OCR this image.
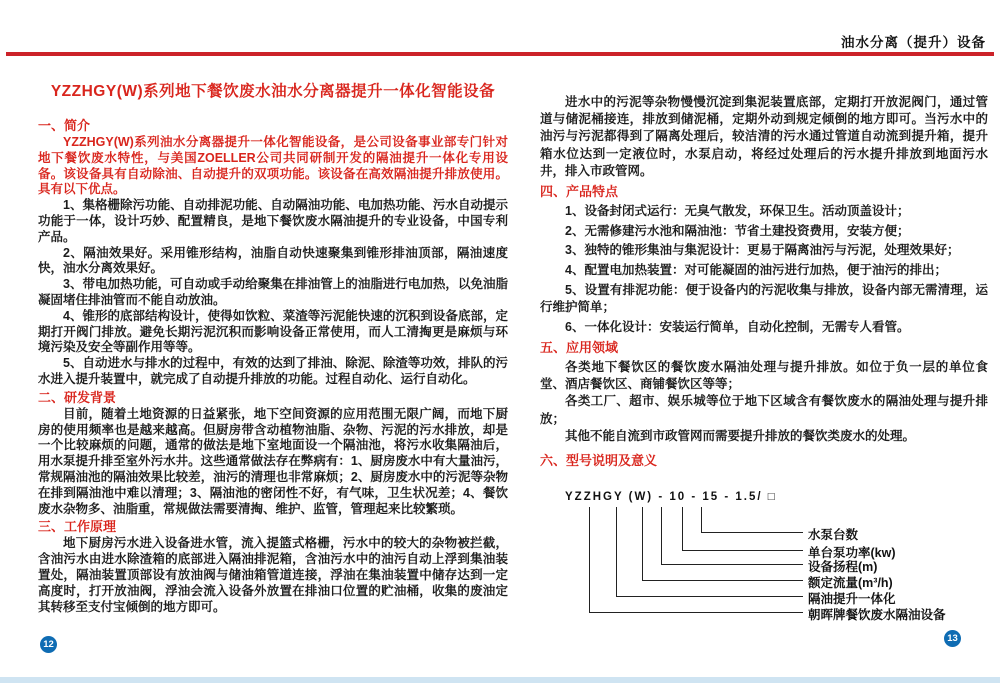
油水分离（提升）设备
YZZHGY(W)系列地下餐饮废水油水分离器提升一体化智能设备
一、简介

YZZHGY(W)系列油水分离器提升一体化智能设备，是公司设备事业部专门针对地下餐饮废水特性，与美国ZOELLER公司共同研制开发的隔油提升一体化专用设备。该设备具有自动除油、自动提升的双项功能。该设备在高效隔油提升排放使用。具有以下优点。

1、集格栅除污功能、自动排泥功能、自动隔油功能、电加热功能、污水自动提示功能于一体，设计巧妙、配置精良，是地下餐饮废水隔油提升的专业设备，中国专利产品。

2、隔油效果好。采用锥形结构，油脂自动快速聚集到锥形排油顶部，隔油速度快，油水分离效果好。

3、带电加热功能，可自动或手动给聚集在排油管上的油脂进行电加热，以免油脂凝固堵住排油管而不能自动放油。

4、锥形的底部结构设计，使得如饮粒、菜渣等污泥能快速的沉积到设备底部，定期打开阀门排放。避免长期污泥沉积而影响设备正常使用，而人工清掏更是麻烦与环境污染及安全等副作用等等。

5、自动进水与排水的过程中，有效的达到了排油、除泥、除渣等功效，排队的污水进入提升装置中，就完成了自动提升排放的功能。过程自动化、运行自动化。

二、研发背景

目前，随着土地资源的日益紧张，地下空间资源的应用范围无限广阔，而地下厨房的使用频率也是越来越高。但厨房带含动植物油脂、杂物、污泥的污水排放，却是一个比较麻烦的问题，通常的做法是地下室地面设一个隔油池，将污水收集隔油后，用水泵提升排至室外污水井。这些通常做法存在弊病有：1、厨房废水中有大量油污，常规隔油池的隔油效果比较差，油污的清理也非常麻烦；2、厨房废水中的污泥等杂物在排到隔油池中难以清理；3、隔油池的密闭性不好，有气味，卫生状况差；4、餐饮废水杂物多、油脂重，常规做法需要清掏、维护、监管，管理起来比较繁琐。

三、工作原理

地下厨房污水进入设备进水管，流入提篮式格栅，污水中的较大的杂物被拦截，含油污水由进水除渣箱的底部进入隔油排泥箱，含油污水中的油污自动上浮到集油装置处，隔油装置顶部设有放油阀与储油箱管道连接，浮油在集油装置中储存达到一定高度时，打开放油阀，浮油会流入设备外放置在排油口位置的贮油桶，收集的废油定其转移至支付宝倾倒的地方即可。

进水中的污泥等杂物慢慢沉淀到集泥装置底部，定期打开放泥阀门，通过管道与储泥桶接连，排放到储泥桶，定期外动到规定倾倒的地方即可。当污水中的油污与污泥都得到了隔离处理后，较洁清的污水通过管道自动流到提升箱，提升箱水位达到一定液位时，水泵启动，将经过处理后的污水提升排放到地面污水井，排入市政管网。

四、产品特点

1、设备封闭式运行：无臭气散发，环保卫生。活动顶盖设计；

2、无需修建污水池和隔油池：节省土建投资费用，安装方便；

3、独特的锥形集油与集泥设计：更易于隔离油污与污泥，处理效果好；

4、配置电加热装置：对可能凝固的油污进行加热，便于油污的排出；

5、设置有排泥功能：便于设备内的污泥收集与排放，设备内部无需清理，运行维护简单；

6、一体化设计：安装运行简单，自动化控制，无需专人看管。

五、应用领域

各类地下餐饮区的餐饮废水隔油处理与提升排放。如位于负一层的单位食堂、酒店餐饮区、商铺餐饮区等等；

各类工厂、超市、娱乐城等位于地下区域含有餐饮废水的隔油处理与提升排放；

其他不能自流到市政管网而需要提升排放的餐饮类废水的处理。

六、型号说明及意义
YZZHGY (W) - 10 - 15 - 1.5/ □
水泵台数
单台泵功率(kw)
设备扬程(m)
额定流量(m³/h)
隔油提升一体化
朝晖牌餐饮废水隔油设备
12
13
